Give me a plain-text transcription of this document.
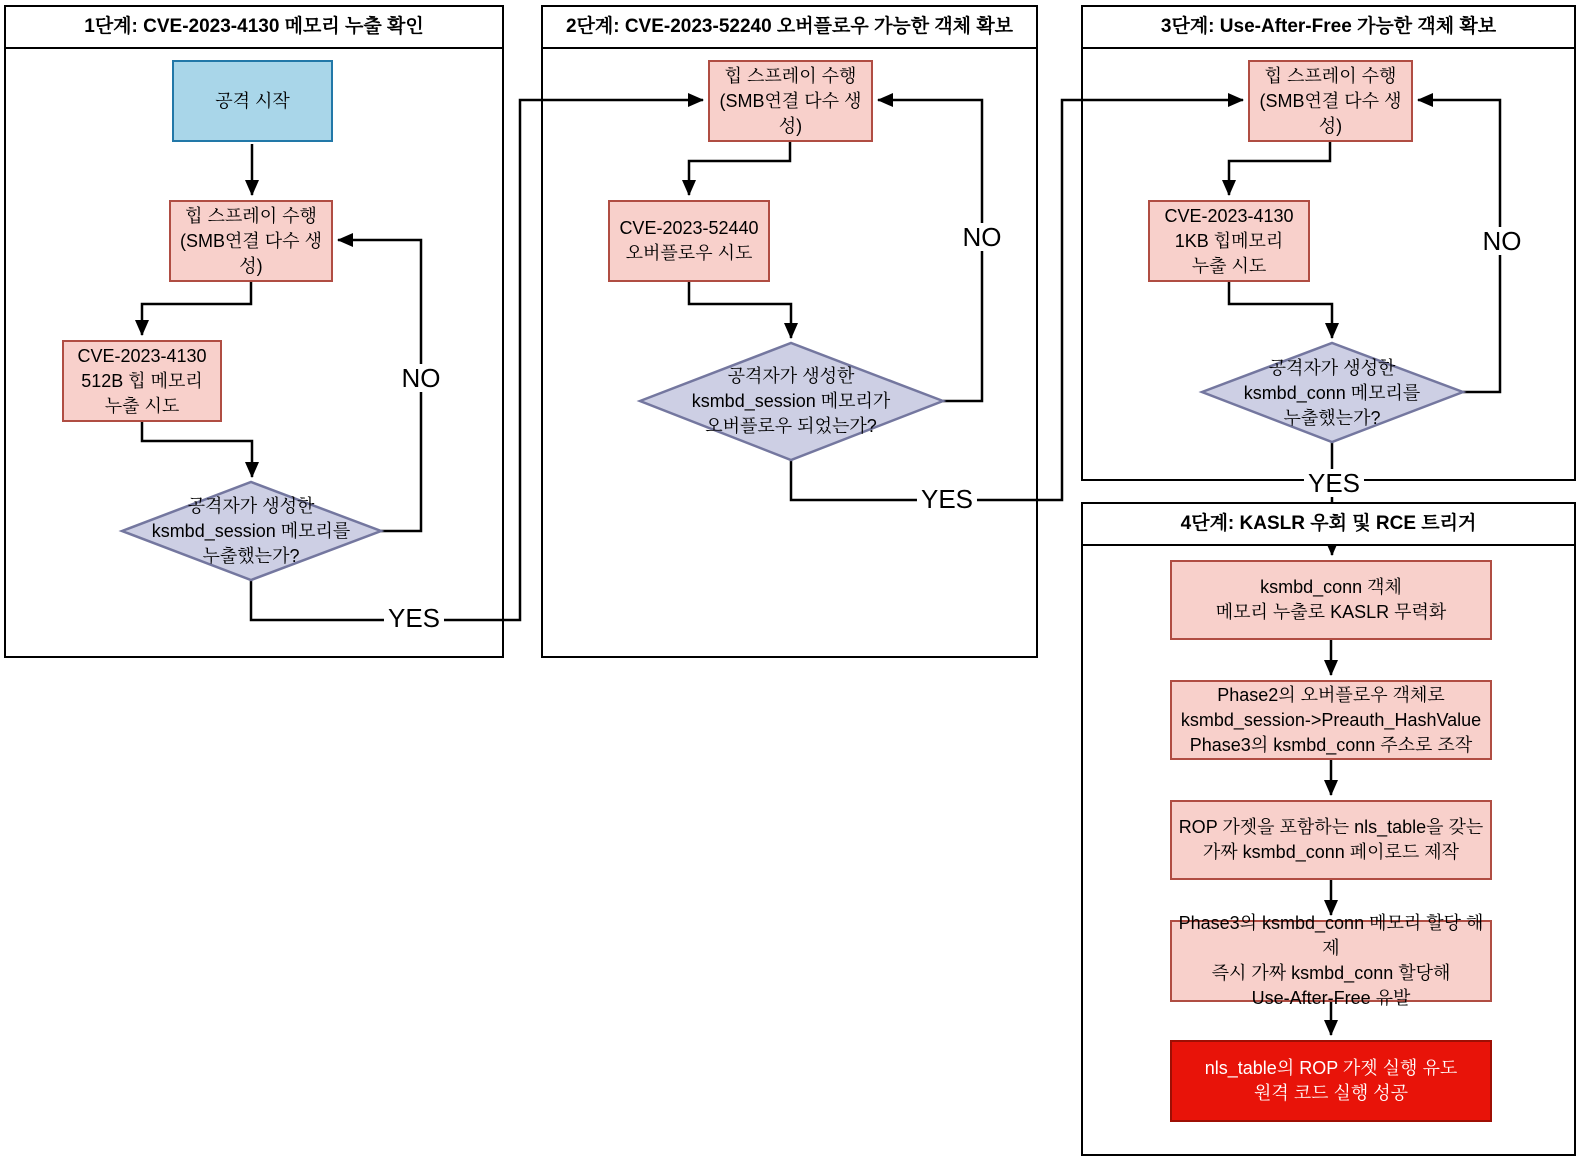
1단계: CVE-2023-4130 메모리 누출 확인	2단계: CVE-2023-52240 오버플로우 가능한 객체 확보	3단계: Use-After-Free 가능한 객체 확보
4단계: KASLR 우회 및 RCE 트리거
공격 시작
힙 스프레이 수행
(SMB연결 다수 생성)
CVE-2023-4130
512B 힙 메모리
누출 시도
공격자가 생성한
ksmbd_session 메모리를
누출했는가?
힙 스프레이 수행
(SMB연결 다수 생성)
CVE-2023-52440
오버플로우 시도
공격자가 생성한
ksmbd_session 메모리가
오버플로우 되었는가?
힙 스프레이 수행
(SMB연결 다수 생성)
CVE-2023-4130
1KB 힙메모리
누출 시도
공격자가 생성한
ksmbd_conn 메모리를
누출했는가?
ksmbd_conn 객체
메모리 누출로 KASLR 무력화
Phase2의 오버플로우 객체로
ksmbd_session->Preauth_HashValue
Phase3의 ksmbd_conn 주소로 조작
ROP 가젯을 포함하는 nls_table을 갖는
가짜 ksmbd_conn 페이로드 제작
Phase3의 ksmbd_conn 메모리 할당 해제
즉시 가짜 ksmbd_conn 할당해
Use-After-Free 유발
nls_table의 ROP 가젯 실행 유도
원격 코드 실행 성공
NO
YES
NO
YES
NO
YES
